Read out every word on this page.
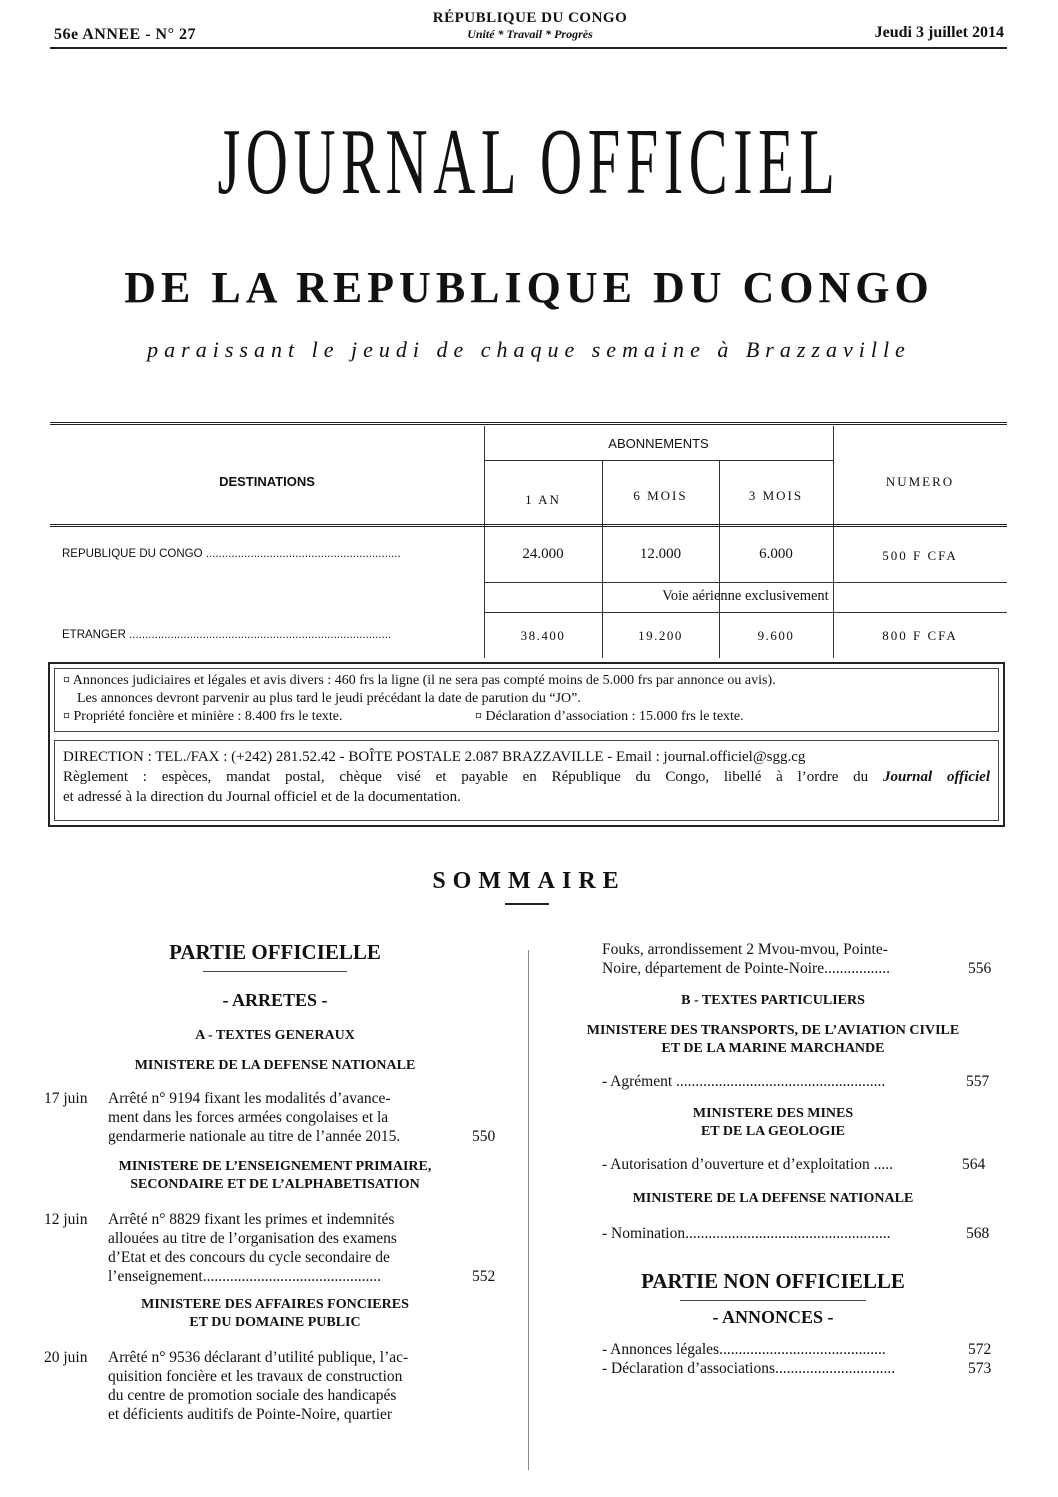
56e ANNEE - N° 27
RÉPUBLIQUE DU CONGO
Unité * Travail * Progrès	Jeudi 3 juillet 2014
JOURNAL OFFICIEL
DE LA REPUBLIQUE DU CONGO
paraissant le jeudi de chaque semaine à Brazzaville
DESTINATIONS
ABONNEMENTS
1 AN	6 MOIS	3 MOIS
NUMERO
REPUBLIQUE DU CONGO .............................................................	24.000	12.000	6.000	500 F CFA
Voie aérienne exclusivement
ETRANGER ..................................................................................	38.400	19.200	9.600	800 F CFA
¤ Annonces judiciaires et légales et avis divers : 460 frs la ligne (il ne sera pas compté moins de 5.000 frs par annonce ou avis).
Les annonces devront parvenir au plus tard le jeudi précédant la date de parution du “JO”.
¤ Propriété foncière et minière : 8.400 frs le texte.	¤ Déclaration d’association : 15.000 frs le texte.
DIRECTION : TEL./FAX : (+242) 281.52.42 - BOÎTE POSTALE 2.087 BRAZZAVILLE - Email : journal.officiel@sgg.cg
Règlement : espèces, mandat postal, chèque visé et payable en République du Congo, libellé à l’ordre du Journal officiel
et adressé à la direction du Journal officiel et de la documentation.
SOMMAIRE
PARTIE OFFICIELLE
- ARRETES -
A - TEXTES GENERAUX
MINISTERE DE LA DEFENSE NATIONALE
17 juin Arrêté n° 9194 fixant les modalités d’avance-
ment dans les forces armées congolaises et la
gendarmerie nationale au titre de l’année 2015.	550
MINISTERE DE L’ENSEIGNEMENT PRIMAIRE,
SECONDAIRE ET DE L’ALPHABETISATION
12 juin Arrêté n° 8829 fixant les primes et indemnités
allouées au titre de l’organisation des examens
d’Etat et des concours du cycle secondaire de
l’enseignement..............................................	552
MINISTERE DES AFFAIRES FONCIERES
ET DU DOMAINE PUBLIC
20 juin Arrêté n° 9536 déclarant d’utilité publique, l’ac-
quisition foncière et les travaux de construction
du centre de promotion sociale des handicapés
et déficients auditifs de Pointe-Noire, quartier
Fouks, arrondissement 2 Mvou-mvou, Pointe-
Noire, département de Pointe-Noire.................	556
B - TEXTES PARTICULIERS
MINISTERE DES TRANSPORTS, DE L’AVIATION CIVILE
ET DE LA MARINE MARCHANDE
- Agrément ......................................................	557
MINISTERE DES MINES
ET DE LA GEOLOGIE
- Autorisation d’ouverture et d’exploitation .....	564
MINISTERE DE LA DEFENSE NATIONALE
- Nomination.....................................................	568
PARTIE NON OFFICIELLE
- ANNONCES -
- Annonces légales...........................................	572
- Déclaration d’associations...............................	573
